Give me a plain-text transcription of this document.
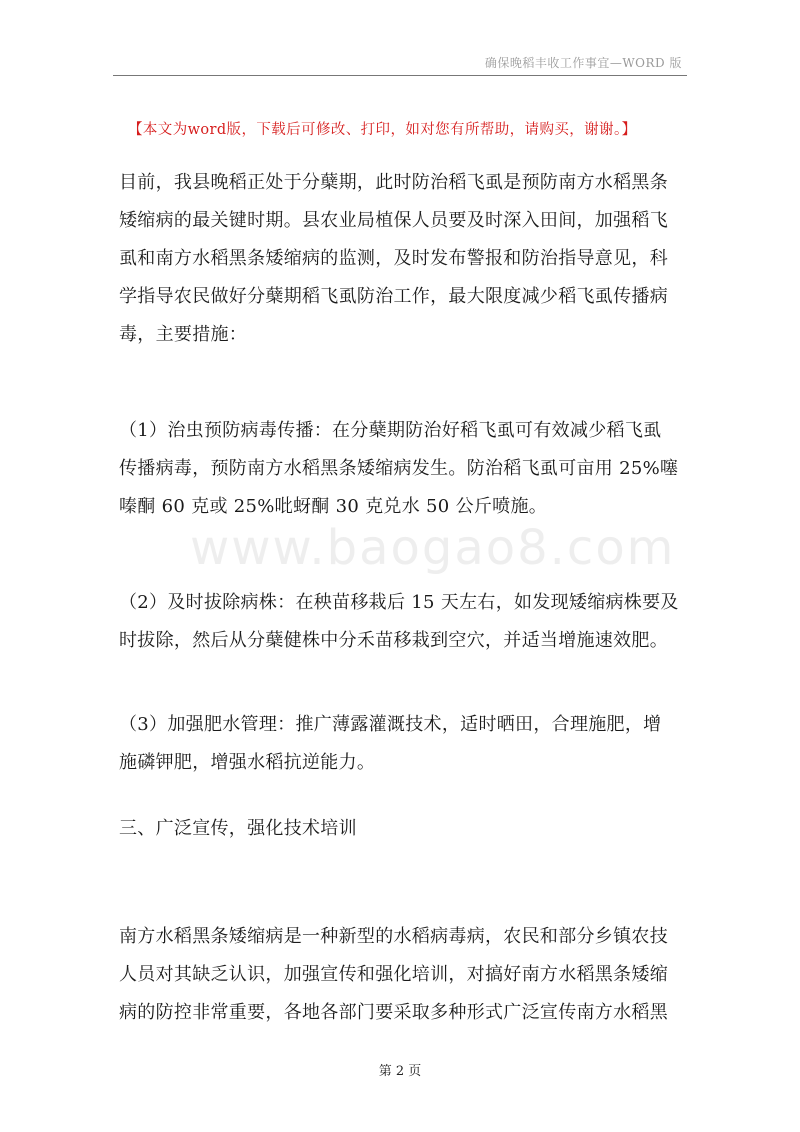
确保晚稻丰收工作事宜—WORD 版
【本文为word版，下载后可修改、打印，如对您有所帮助，请购买，谢谢。】
目前，我县晚稻正处于分蘖期，此时防治稻飞虱是预防南方水稻黑条
矮缩病的最关键时期。县农业局植保人员要及时深入田间，加强稻飞
虱和南方水稻黑条矮缩病的监测，及时发布警报和防治指导意见，科
学指导农民做好分蘖期稻飞虱防治工作，最大限度减少稻飞虱传播病
毒，主要措施：
（1）治虫预防病毒传播：在分蘖期防治好稻飞虱可有效减少稻飞虱
传播病毒，预防南方水稻黑条矮缩病发生。防治稻飞虱可亩用 25%噻
嗪酮 60 克或 25%吡蚜酮 30 克兑水 50 公斤喷施。
www.baogao8.com
（2）及时拔除病株：在秧苗移栽后 15 天左右，如发现矮缩病株要及
时拔除，然后从分蘖健株中分禾苗移栽到空穴，并适当增施速效肥。
（3）加强肥水管理：推广薄露灌溉技术，适时晒田，合理施肥，增
施磷钾肥，增强水稻抗逆能力。
三、广泛宣传，强化技术培训
南方水稻黑条矮缩病是一种新型的水稻病毒病，农民和部分乡镇农技
人员对其缺乏认识，加强宣传和强化培训，对搞好南方水稻黑条矮缩
病的防控非常重要，各地各部门要采取多种形式广泛宣传南方水稻黑
第 2 页
